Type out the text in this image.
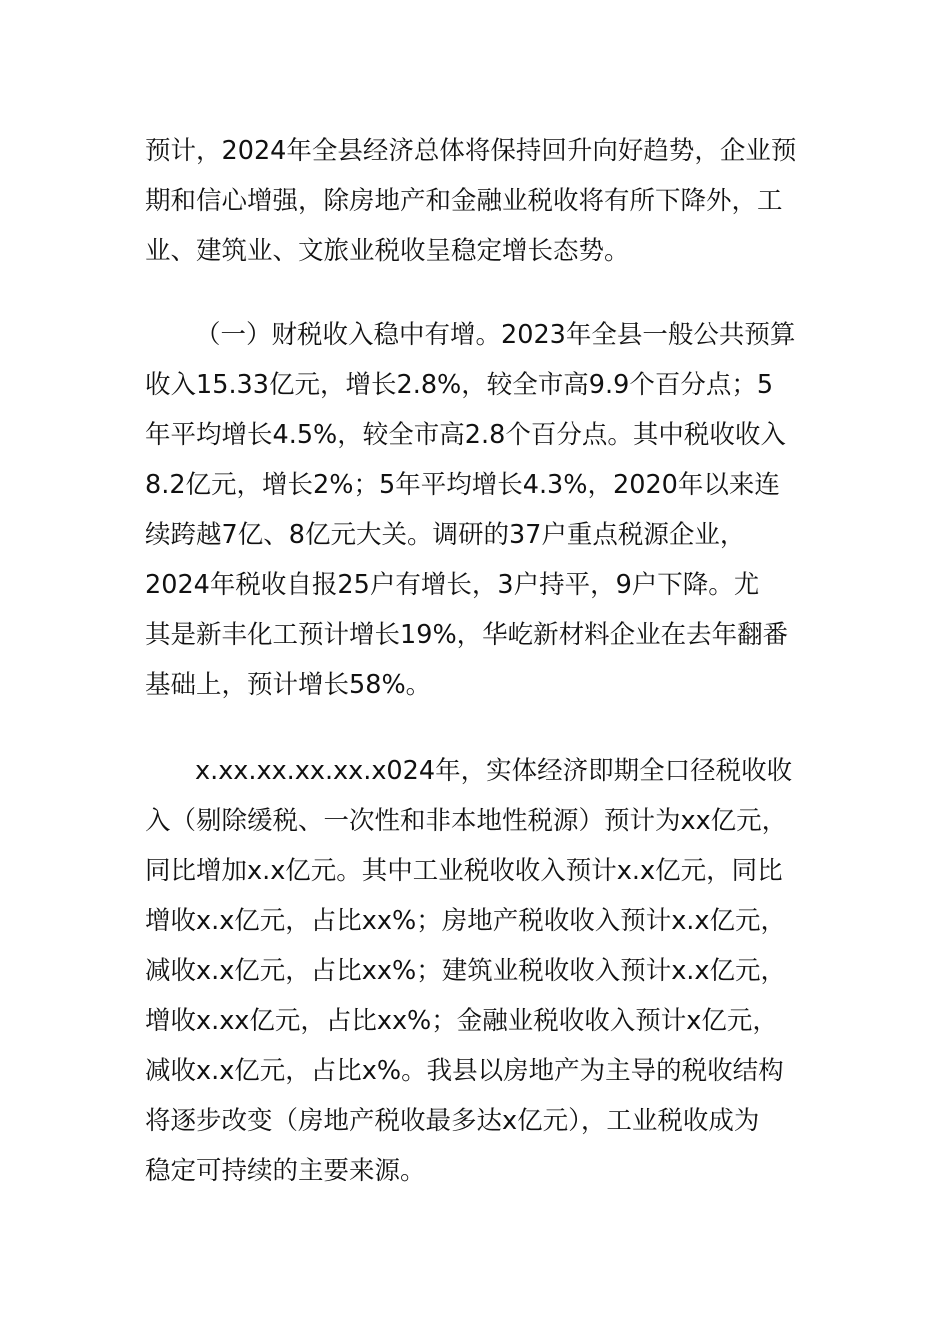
预计，2024年全县经济总体将保持回升向好趋势，企业预
期和信心增强，除房地产和金融业税收将有所下降外，工
业、建筑业、文旅业税收呈稳定增长态势。
（一）财税收入稳中有增。2023年全县一般公共预算
收入15.33亿元，增长2.8%，较全市高9.9个百分点；5
年平均增长4.5%，较全市高2.8个百分点。其中税收收入
8.2亿元，增长2%；5年平均增长4.3%，2020年以来连
续跨越7亿、8亿元大关。调研的37户重点税源企业，
2024年税收自报25户有增长，3户持平，9户下降。尤
其是新丰化工预计增长19%，华屹新材料企业在去年翻番
基础上，预计增长58%。
x.xx.xx.xx.xx.x024年，实体经济即期全口径税收收
入（剔除缓税、一次性和非本地性税源）预计为xx亿元，
同比增加x.x亿元。其中工业税收收入预计x.x亿元，同比
增收x.x亿元，占比xx%；房地产税收收入预计x.x亿元，
减收x.x亿元，占比xx%；建筑业税收收入预计x.x亿元，
增收x.xx亿元，占比xx%；金融业税收收入预计x亿元，
减收x.x亿元，占比x%。我县以房地产为主导的税收结构
将逐步改变（房地产税收最多达x亿元），工业税收成为
稳定可持续的主要来源。
